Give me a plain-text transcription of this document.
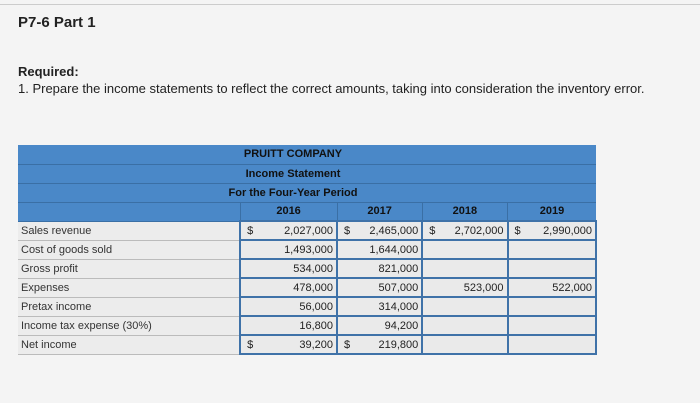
P7-6 Part 1
Required:
1. Prepare the income statements to reflect the correct amounts, taking into consideration the inventory error.
PRUITT COMPANY				
Income Statement				
For the Four-Year Period				
	2016	2017	2018	2019
Sales revenue	$ 2,027,000	$ 2,465,000	$ 2,702,000	$ 2,990,000
Cost of goods sold	1,493,000	1,644,000	

Gross profit	534,000	821,000	

Expenses	478,000	507,000	523,000	522,000
Pretax income	56,000	314,000	

Income tax expense (30%)	16,800	94,200	

Net income	$ 39,200	$ 219,800	
